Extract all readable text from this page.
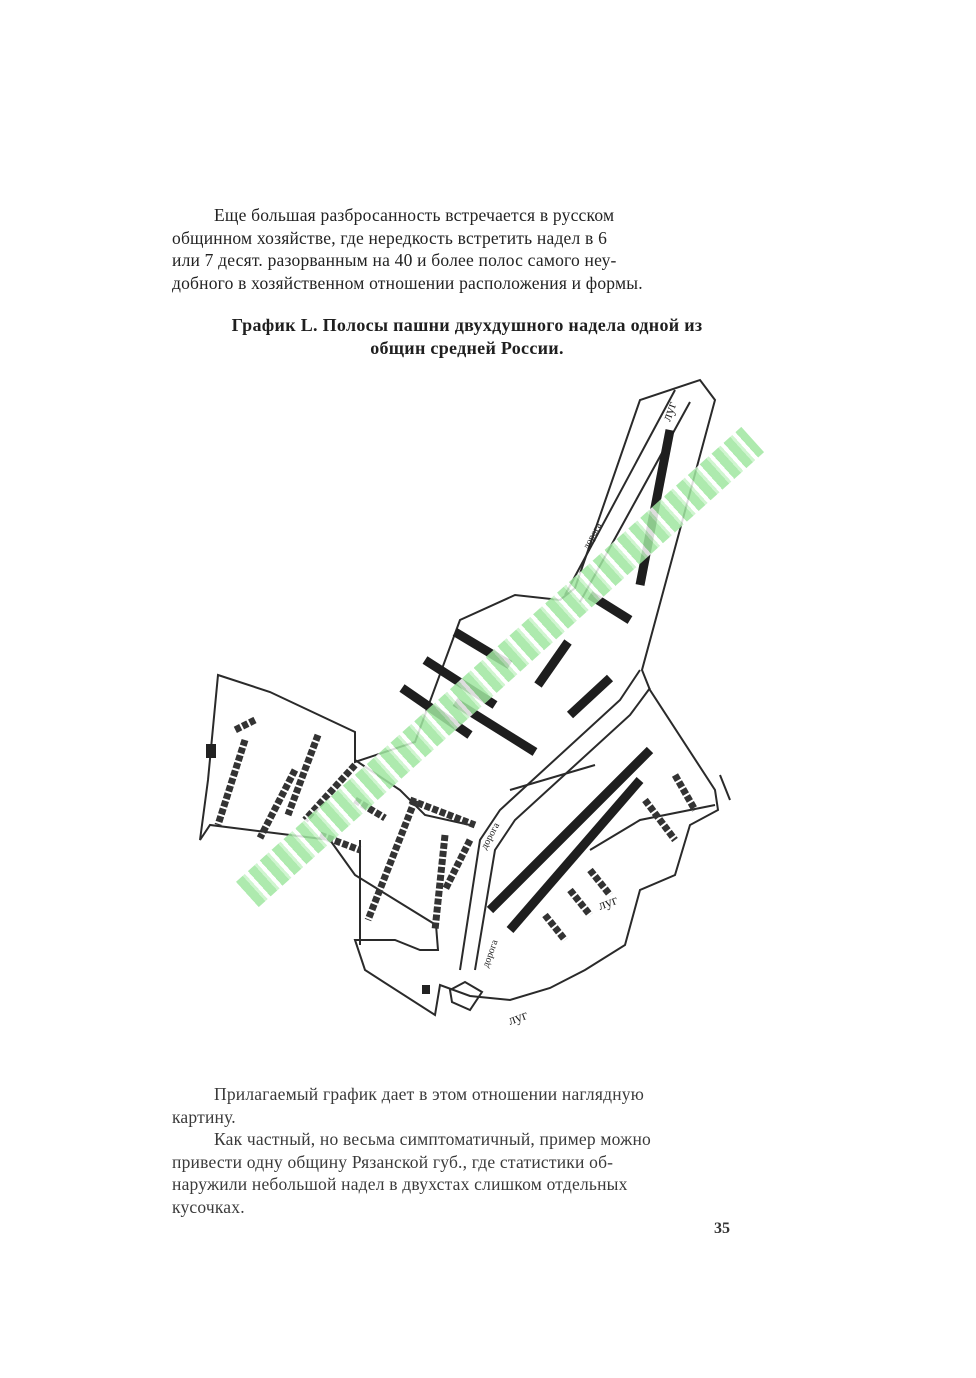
Еще большая разбросанность встречается в русском
общинном хозяйстве, где нередкость встретить надел в 6
или 7 десят. разорванным на 40 и более полос самого неу-
добного в хозяйственном отношении расположения и формы.
График L. Полосы пашни двухдушного надела одной из
общин средней России.
луг
луг
луг
дорога
дорога
дорога
Прилагаемый график дает в этом отношении наглядную
картину.
Как частный, но весьма симптоматичный, пример можно
привести одну общину Рязанской губ., где статистики об-
наружили небольшой надел в двухстах слишком отдельных
кусочках.
35
